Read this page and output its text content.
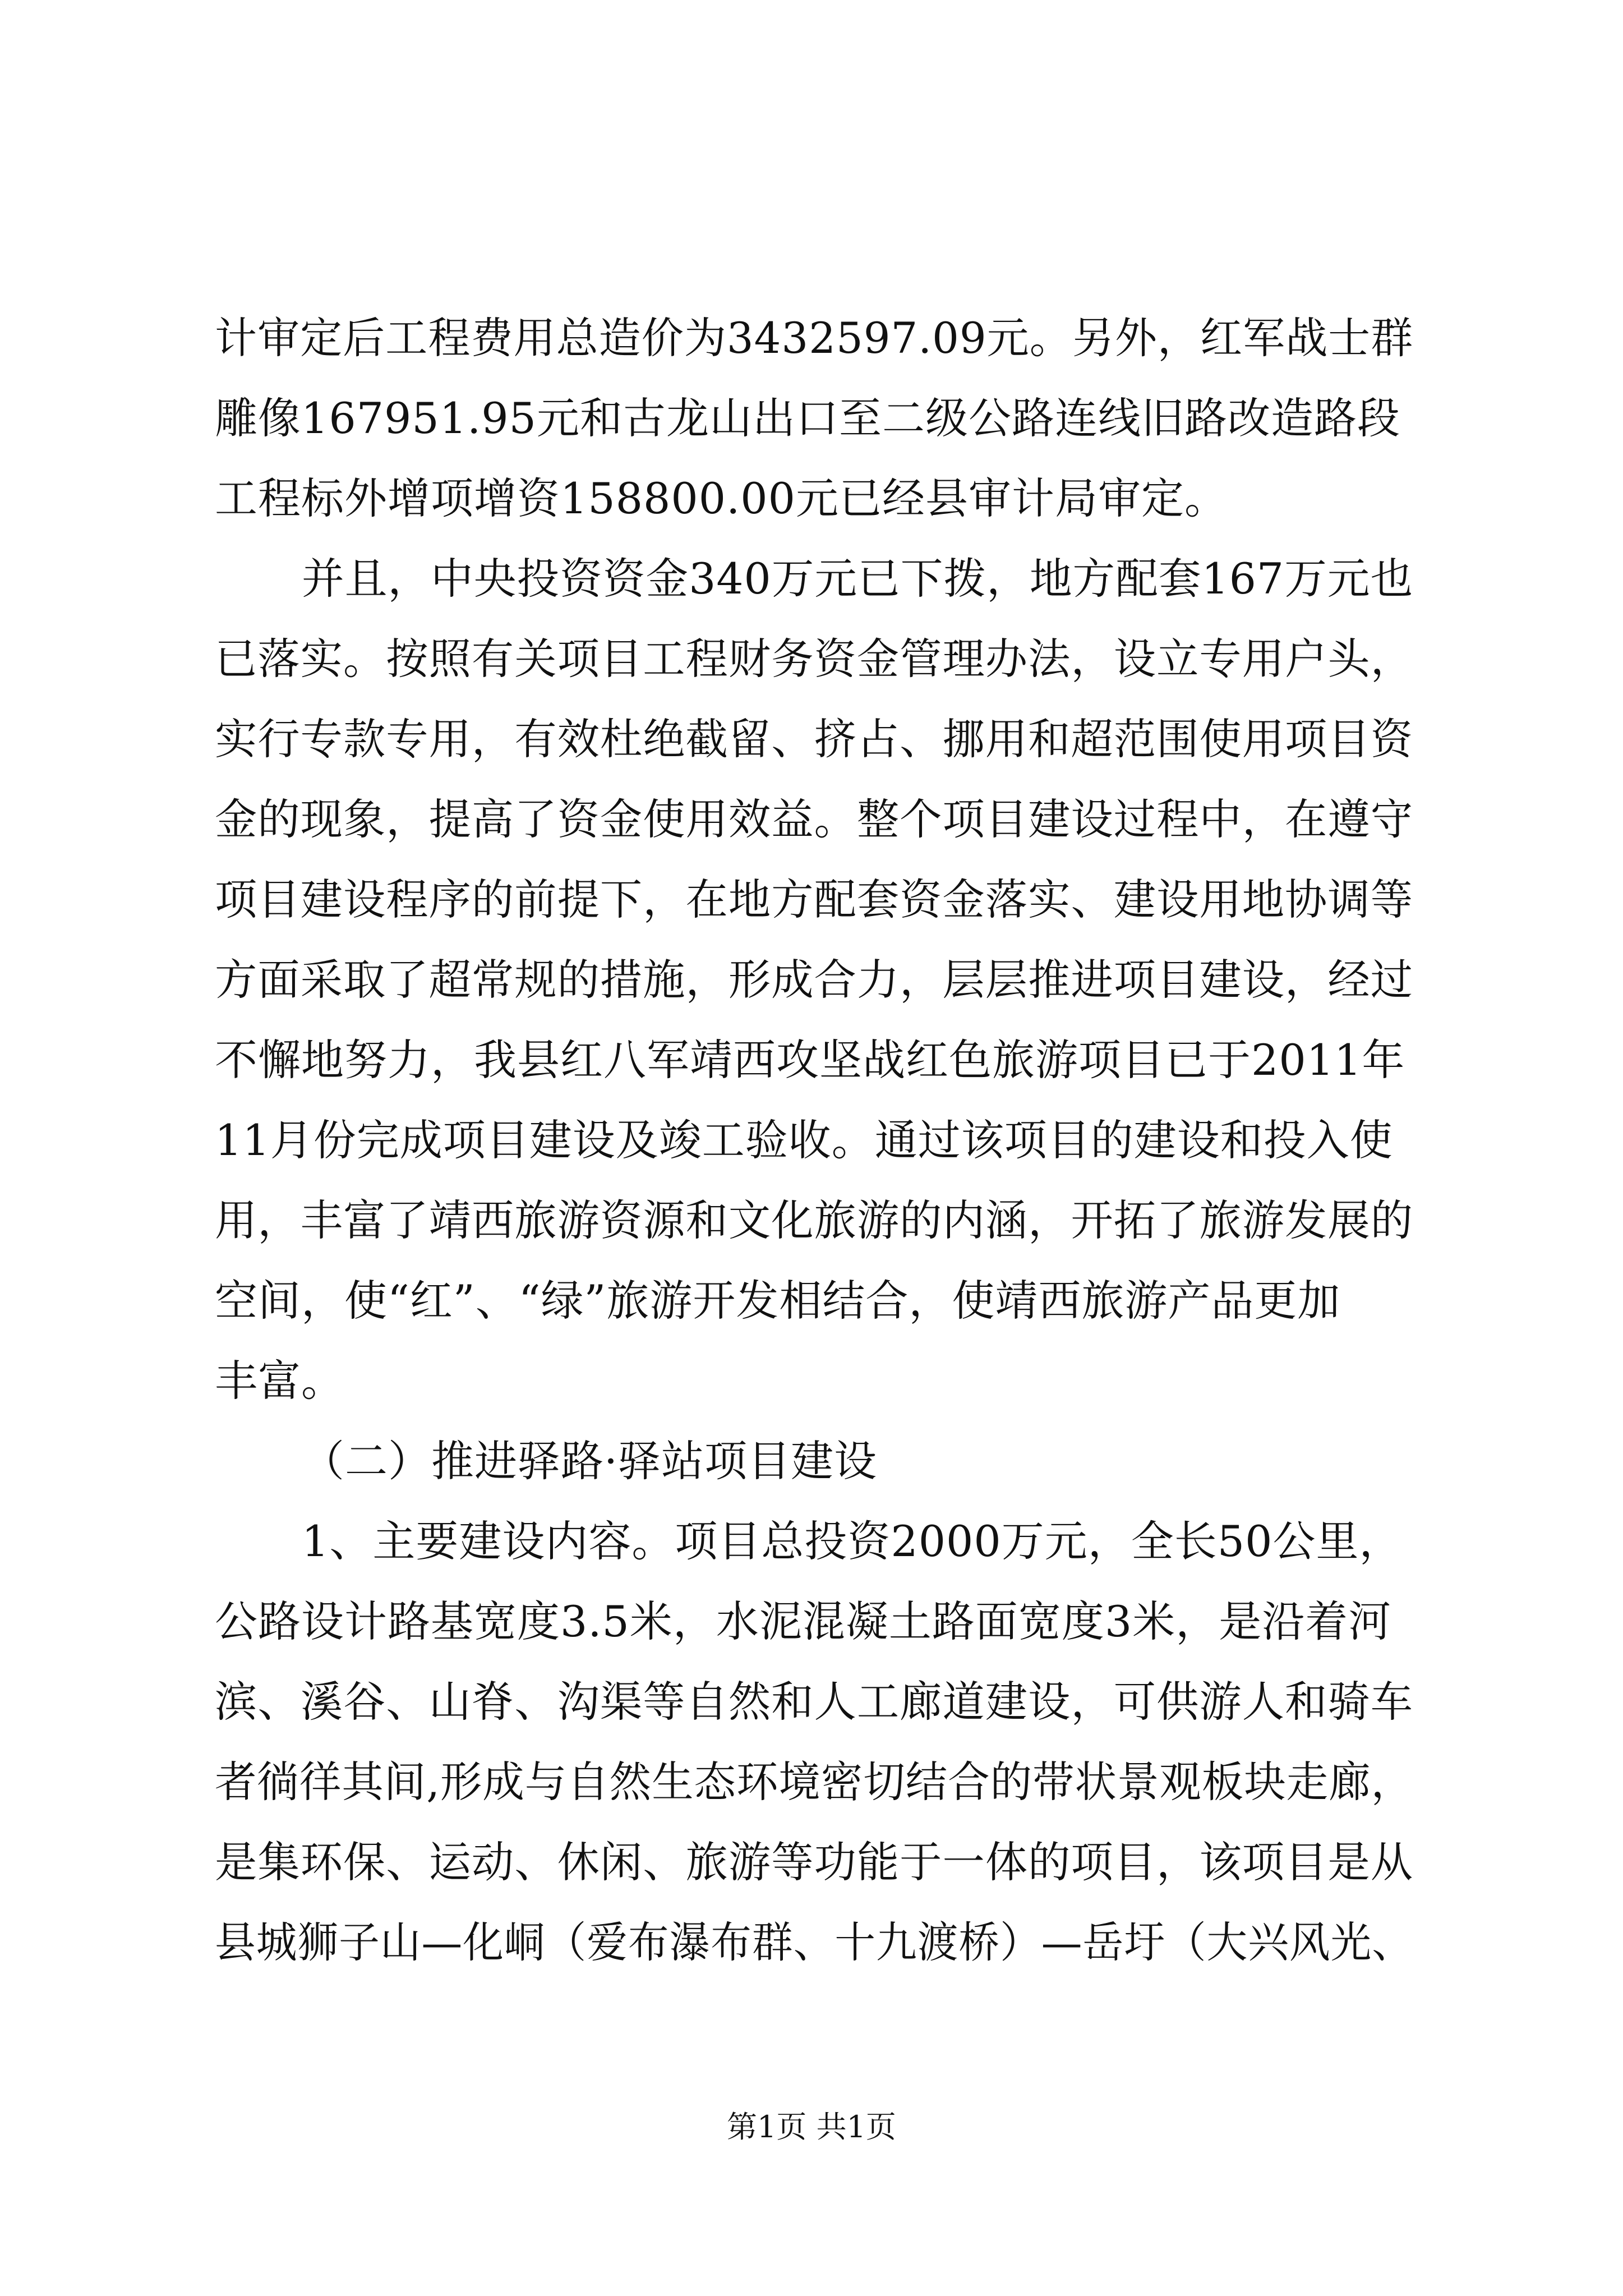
计审定后工程费用总造价为3432597.09元。另外，红军战士群
雕像167951.95元和古龙山出口至二级公路连线旧路改造路段
工程标外增项增资158800.00元已经县审计局审定。
并且，中央投资资金340万元已下拨，地方配套167万元也
已落实。按照有关项目工程财务资金管理办法，设立专用户头，
实行专款专用，有效杜绝截留、挤占、挪用和超范围使用项目资
金的现象，提高了资金使用效益。整个项目建设过程中，在遵守
项目建设程序的前提下，在地方配套资金落实、建设用地协调等
方面采取了超常规的措施，形成合力，层层推进项目建设，经过
不懈地努力，我县红八军靖西攻坚战红色旅游项目已于2011年
11月份完成项目建设及竣工验收。通过该项目的建设和投入使
用，丰富了靖西旅游资源和文化旅游的内涵，开拓了旅游发展的
空间，使“红”、“绿”旅游开发相结合，使靖西旅游产品更加
丰富。
（二）推进驿路·驿站项目建设
1、主要建设内容。项目总投资2000万元，全长50公里，
公路设计路基宽度3.5米，水泥混凝土路面宽度3米，是沿着河
滨、溪谷、山脊、沟渠等自然和人工廊道建设，可供游人和骑车
者徜徉其间,形成与自然生态环境密切结合的带状景观板块走廊，
是集环保、运动、休闲、旅游等功能于一体的项目，该项目是从
县城狮子山—化峒（爱布瀑布群、十九渡桥）—岳圩（大兴风光、
第1页 共1页
